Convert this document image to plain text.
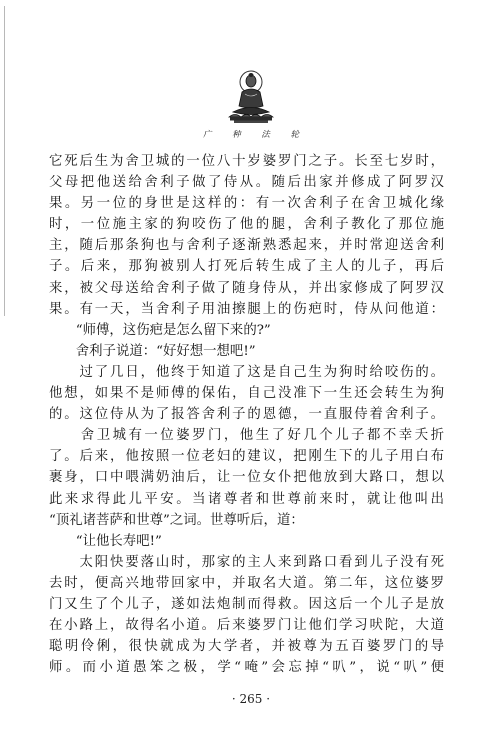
广 种 法 轮
它死后生为舍卫城的一位八十岁婆罗门之子。长至七岁时，
父母把他送给舍利子做了侍从。随后出家并修成了阿罗汉
果。另一位的身世是这样的：有一次舍利子在舍卫城化缘
时，一位施主家的狗咬伤了他的腿，舍利子教化了那位施
主，随后那条狗也与舍利子逐渐熟悉起来，并时常迎送舍利
子。后来，那狗被别人打死后转生成了主人的儿子，再后
来，被父母送给舍利子做了随身侍从，并出家修成了阿罗汉
果。有一天，当舍利子用油擦腿上的伤疤时，侍从问他道：
　　“师傅，这伤疤是怎么留下来的?”
　　舍利子说道：“好好想一想吧!”
　　过了几日，他终于知道了这是自己生为狗时给咬伤的。
他想，如果不是师傅的保佑，自己没准下一生还会转生为狗
的。这位侍从为了报答舍利子的恩德，一直服侍着舍利子。
　　舍卫城有一位婆罗门，他生了好几个儿子都不幸夭折
了。后来，他按照一位老妇的建议，把刚生下的儿子用白布
裹身，口中喂满奶油后，让一位女仆把他放到大路口，想以
此来求得此儿平安。当诸尊者和世尊前来时，就让他叫出
“顶礼诸菩萨和世尊”之词。世尊听后，道：
　　“让他长寿吧!”
　　太阳快要落山时，那家的主人来到路口看到儿子没有死
去时，便高兴地带回家中，并取名大道。第二年，这位婆罗
门又生了个儿子，遂如法炮制而得救。因这后一个儿子是放
在小路上，故得名小道。后来婆罗门让他们学习吠陀，大道
聪明伶俐，很快就成为大学者，并被尊为五百婆罗门的导
师。而小道愚笨之极，学“唵”会忘掉“叭”，说“叭”便
· 265 ·
